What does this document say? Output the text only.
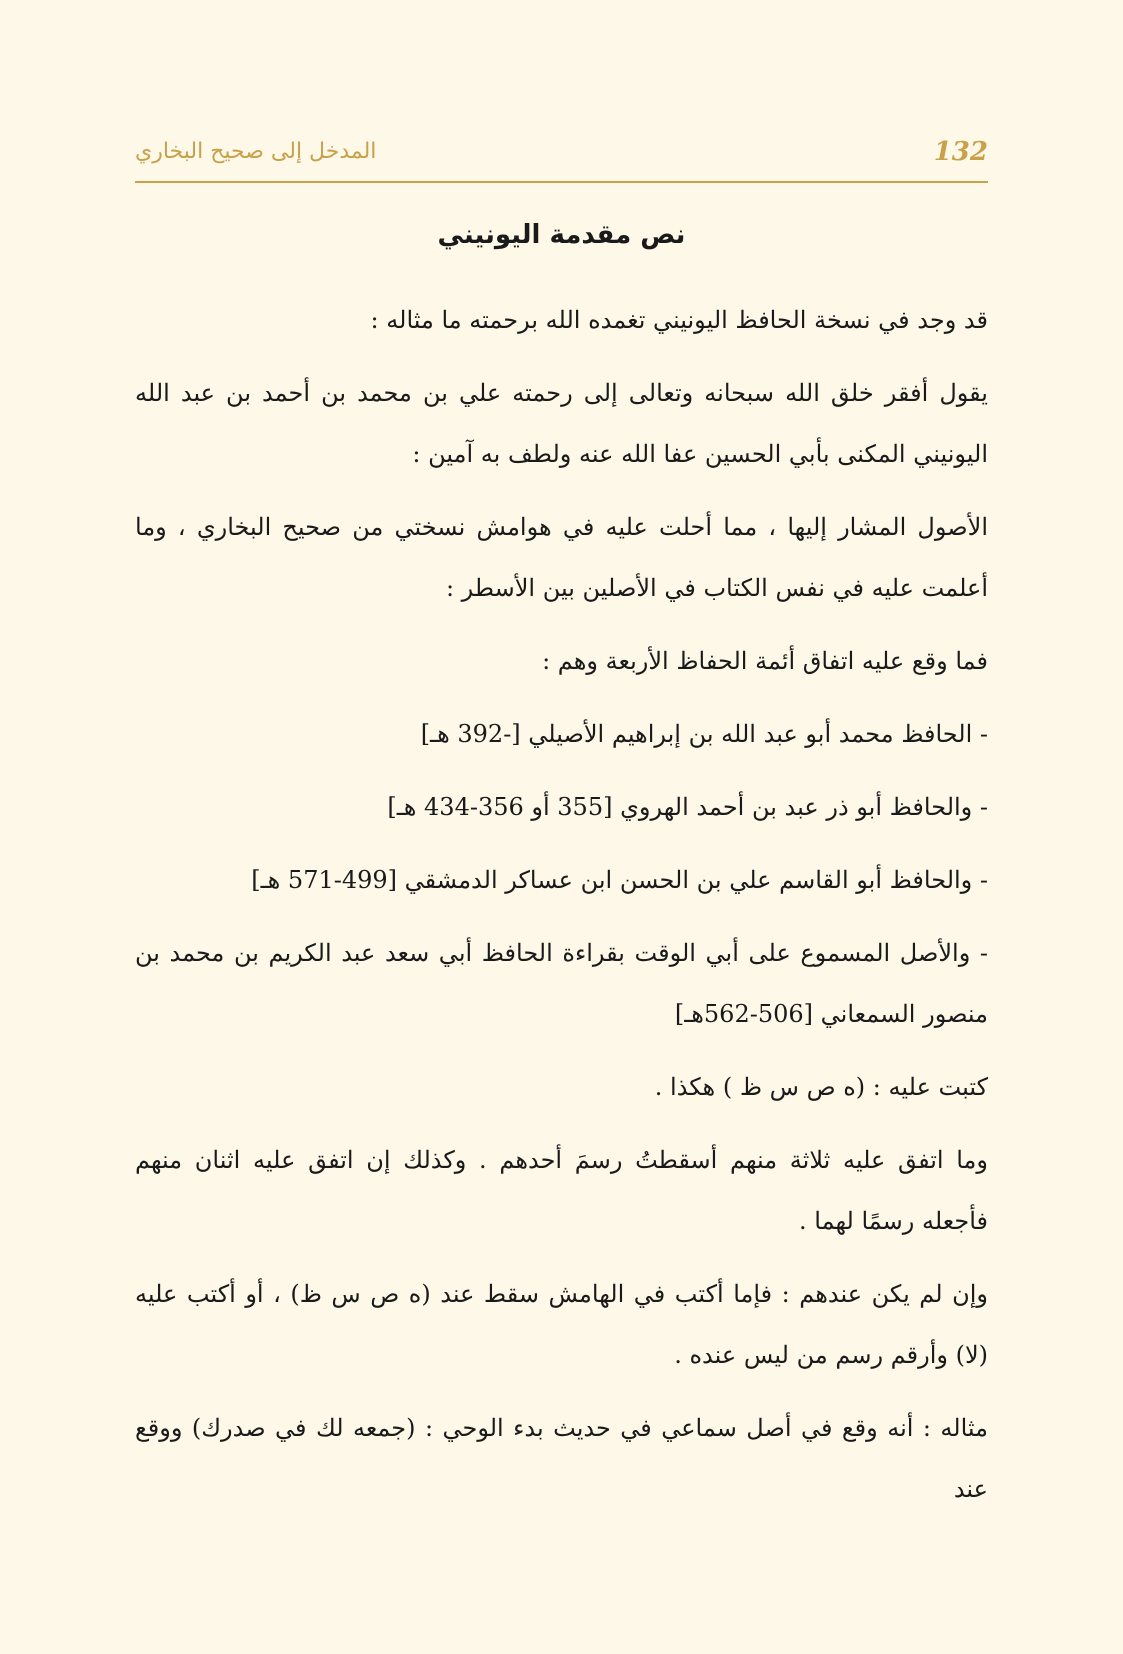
المدخل إلى صحيح البخاري	132
نص مقدمة اليونيني

قد وجد في نسخة الحافظ اليونيني تغمده الله برحمته ما مثاله :

يقول أفقر خلق الله سبحانه وتعالى إلى رحمته علي بن محمد بن أحمد بن عبد الله اليونيني المكنى بأبي الحسين عفا الله عنه ولطف به آمين :

الأصول المشار إليها ، مما أحلت عليه في هوامش نسختي من صحيح البخاري ، وما أعلمت عليه في نفس الكتاب في الأصلين بين الأسطر :

فما وقع عليه اتفاق أئمة الحفاظ الأربعة وهم :

- الحافظ محمد أبو عبد الله بن إبراهيم الأصيلي [-392 هـ]

- والحافظ أبو ذر عبد بن أحمد الهروي [355 أو 356-434 هـ]

- والحافظ أبو القاسم علي بن الحسن ابن عساكر الدمشقي [499-571 هـ]

- والأصل المسموع على أبي الوقت بقراءة الحافظ أبي سعد عبد الكريم بن محمد بن منصور السمعاني [506-562هـ]

كتبت عليه : (ه ص س ظ ) هكذا .

وما اتفق عليه ثلاثة منهم أسقطتُ رسمَ أحدهم . وكذلك إن اتفق عليه اثنان منهم فأجعله رسمًا لهما .

وإن لم يكن عندهم : فإما أكتب في الهامش سقط عند (ه ص س ظ) ، أو أكتب عليه (لا) وأرقم رسم من ليس عنده .

مثاله : أنه وقع في أصل سماعي في حديث بدء الوحي : (جمعه لك في صدرك) ووقع عند
